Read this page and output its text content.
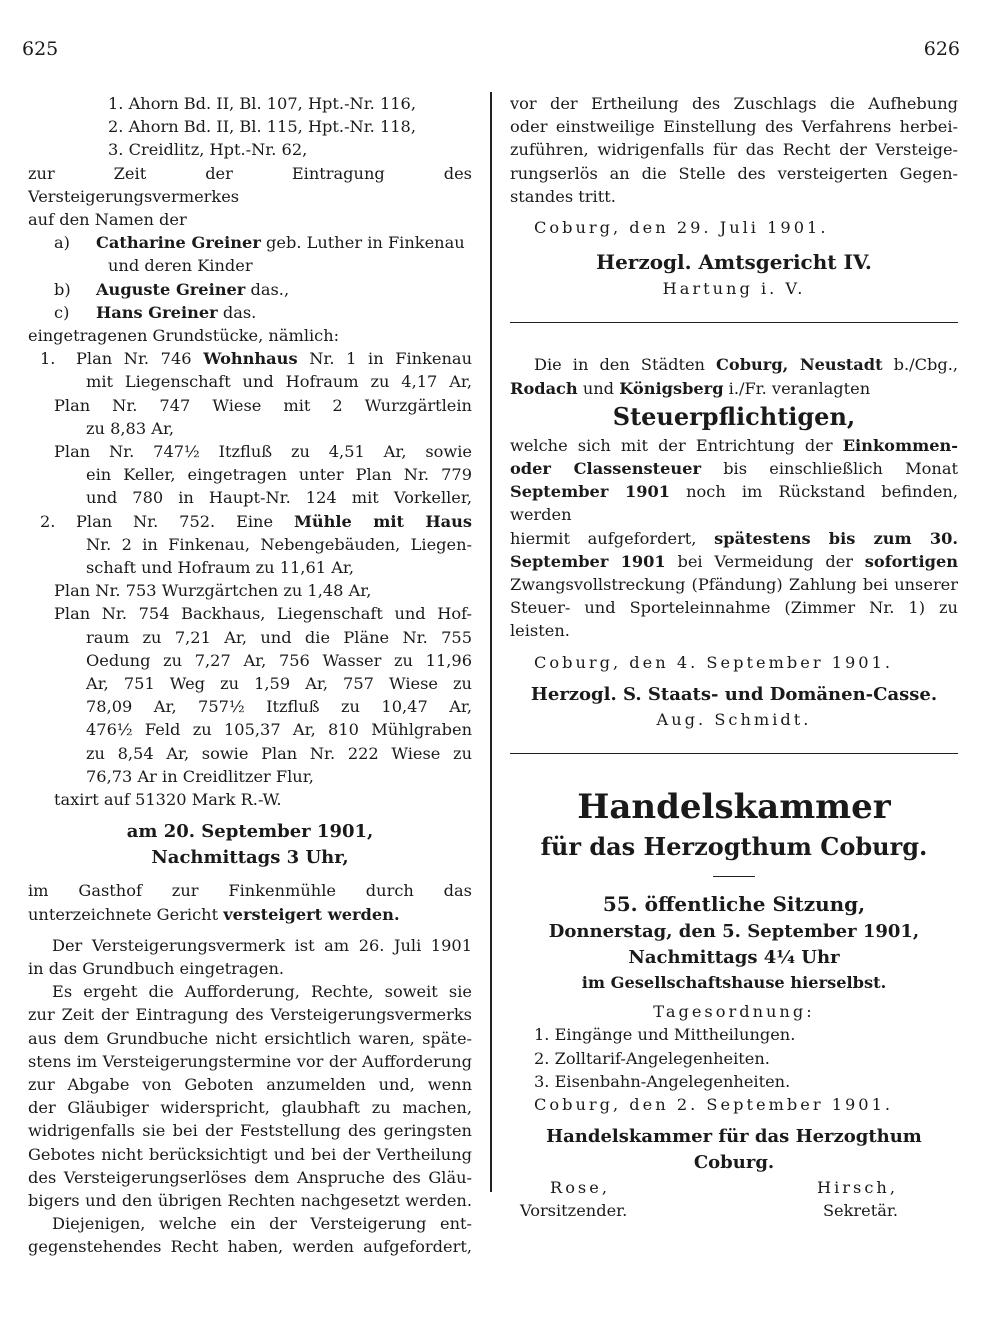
625	626
1. Ahorn Bd. II, Bl. 107, Hpt.-Nr. 116,
2. Ahorn Bd. II, Bl. 115, Hpt.-Nr. 118,
3. Creidlitz, Hpt.-Nr. 62,
zur Zeit der Eintragung des Versteigerungsvermerkes
auf den Namen der
a) Catharine Greiner geb. Luther in Finkenau
und deren Kinder
b) Auguste Greiner das.,
c) Hans Greiner das.
eingetragenen Grundstücke, nämlich:
1. Plan Nr. 746 Wohnhaus Nr. 1 in Finkenau
mit Liegenschaft und Hofraum zu 4,17 Ar,
Plan Nr. 747 Wiese mit 2 Wurzgärtlein
zu 8,83 Ar,
Plan Nr. 747½ Itzfluß zu 4,51 Ar, sowie
ein Keller, eingetragen unter Plan Nr. 779
und 780 in Haupt-Nr. 124 mit Vorkeller,
2. Plan Nr. 752. Eine Mühle mit Haus
Nr. 2 in Finkenau, Nebengebäuden, Liegen-
schaft und Hofraum zu 11,61 Ar,
Plan Nr. 753 Wurzgärtchen zu 1,48 Ar,
Plan Nr. 754 Backhaus, Liegenschaft und Hof-
raum zu 7,21 Ar, und die Pläne Nr. 755
Oedung zu 7,27 Ar, 756 Wasser zu 11,96
Ar, 751 Weg zu 1,59 Ar, 757 Wiese zu
78,09 Ar, 757½ Itzfluß zu 10,47 Ar,
476½ Feld zu 105,37 Ar, 810 Mühlgraben
zu 8,54 Ar, sowie Plan Nr. 222 Wiese zu
76,73 Ar in Creidlitzer Flur,
taxirt auf 51320 Mark R.-W.
am 20. September 1901,
Nachmittags 3 Uhr,
im Gasthof zur Finkenmühle durch das
unterzeichnete Gericht versteigert werden.
Der Versteigerungsvermerk ist am 26. Juli 1901
in das Grundbuch eingetragen.
Es ergeht die Aufforderung, Rechte, soweit sie
zur Zeit der Eintragung des Versteigerungsvermerks
aus dem Grundbuche nicht ersichtlich waren, späte-
stens im Versteigerungstermine vor der Aufforderung
zur Abgabe von Geboten anzumelden und, wenn
der Gläubiger widerspricht, glaubhaft zu machen,
widrigenfalls sie bei der Feststellung des geringsten
Gebotes nicht berücksichtigt und bei der Vertheilung
des Versteigerungserlöses dem Anspruche des Gläu-
bigers und den übrigen Rechten nachgesetzt werden.
Diejenigen, welche ein der Versteigerung ent-
gegenstehendes Recht haben, werden aufgefordert,
vor der Ertheilung des Zuschlags die Aufhebung
oder einstweilige Einstellung des Verfahrens herbei-
zuführen, widrigenfalls für das Recht der Versteige-
rungserlös an die Stelle des versteigerten Gegen-
standes tritt.
Coburg, den 29. Juli 1901.
Herzogl. Amtsgericht IV.
Hartung i. V.
Die in den Städten Coburg, Neustadt b./Cbg.,
Rodach und Königsberg i./Fr. veranlagten
Steuerpflichtigen,
welche sich mit der Entrichtung der Einkommen-
oder Classensteuer bis einschließlich Monat
September 1901 noch im Rückstand befinden, werden
hiermit aufgefordert, spätestens bis zum 30.
September 1901 bei Vermeidung der sofortigen
Zwangsvollstreckung (Pfändung) Zahlung bei unserer
Steuer- und Sporteleinnahme (Zimmer Nr. 1) zu
leisten.
Coburg, den 4. September 1901.
Herzogl. S. Staats- und Domänen-Casse.
Aug. Schmidt.
Handelskammer
für das Herzogthum Coburg.
55. öffentliche Sitzung,
Donnerstag, den 5. September 1901,
Nachmittags 4¼ Uhr
im Gesellschaftshause hierselbst.
Tagesordnung:
1. Eingänge und Mittheilungen.
2. Zolltarif-Angelegenheiten.
3. Eisenbahn-Angelegenheiten.
Coburg, den 2. September 1901.
Handelskammer für das Herzogthum Coburg.
Rose,	Hirsch,
Vorsitzender.	Sekretär.
